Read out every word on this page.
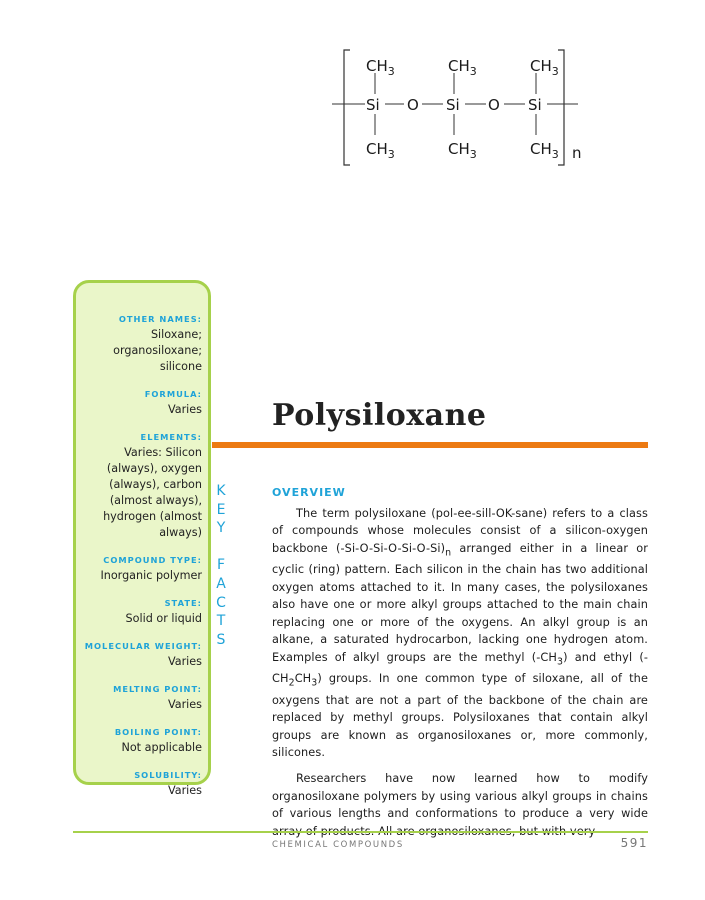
$CH_3$	$CH_3$	$CH_3$
Si O Si O Si
$CH_3$	$CH_3$	$CH_3$ n
OTHER NAMES:
Siloxane;
organosiloxane;
silicone
FORMULA:
Varies
ELEMENTS:
Varies: Silicon
(always), oxygen
(always), carbon
(almost always),
hydrogen (almost
always)
COMPOUND TYPE:
Inorganic polymer
STATE:
Solid or liquid
MOLECULAR WEIGHT:
Varies
MELTING POINT:
Varies
BOILING POINT:
Not applicable
SOLUBILITY:
Varies
K
E
Y

F
A
C
T
S
Polysiloxane
OVERVIEW

The term polysiloxane (pol-ee-sill-OK-sane) refers to a class of compounds whose molecules consist of a silicon-oxygen backbone $(-Si-O-Si-O-Si-O-Si)_n$ arranged either in a linear or cyclic (ring) pattern. Each silicon in the chain has two additional oxygen atoms attached to it. In many cases, the polysiloxanes also have one or more alkyl groups attached to the main chain replacing one or more of the oxygens. An alkyl group is an alkane, a saturated hydrocarbon, lacking one hydrogen atom. Examples of alkyl groups are the methyl $(-CH_3)$ and ethyl $(-CH_2CH_3)$ groups. In one common type of siloxane, all of the oxygens that are not a part of the backbone of the chain are replaced by methyl groups. Polysiloxanes that contain alkyl groups are known as organosiloxanes or, more commonly, silicones.

Researchers have now learned how to modify organosiloxane polymers by using various alkyl groups in chains of various lengths and conformations to produce a very wide

CHEMICAL COMPOUNDS	591
